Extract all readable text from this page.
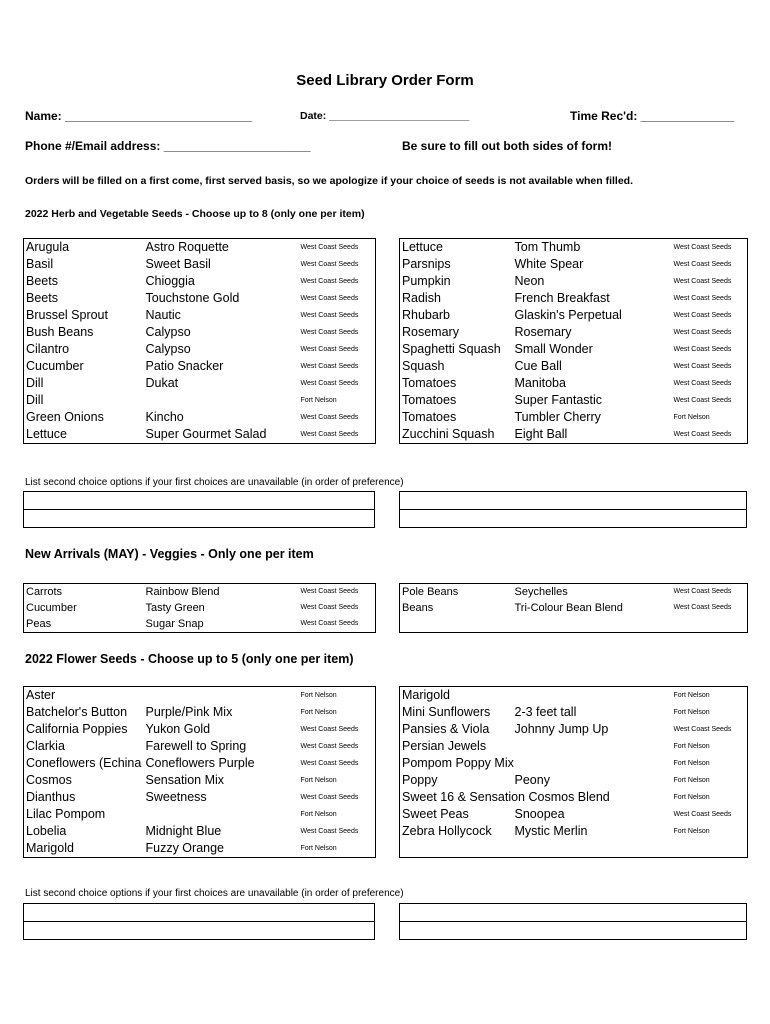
Seed Library Order Form
Name: ____________________________	Date: ________________________	Time Rec'd: ______________
Phone #/Email address: ______________________	Be sure to fill out both sides of form!
Orders will be filled on a first come, first served basis, so we apologize if your choice of seeds is not available when filled.
2022 Herb and Vegetable Seeds - Choose up to 8 (only one per item)
Arugula	Astro Roquette	West Coast Seeds
Basil	Sweet Basil	West Coast Seeds
Beets	Chioggia	West Coast Seeds
Beets	Touchstone Gold	West Coast Seeds
Brussel Sprout	Nautic	West Coast Seeds
Bush Beans	Calypso	West Coast Seeds
Cilantro	Calypso	West Coast Seeds
Cucumber	Patio Snacker	West Coast Seeds
Dill	Dukat	West Coast Seeds
Dill		Fort Nelson
Green Onions	Kincho	West Coast Seeds
Lettuce	Super Gourmet Salad	West Coast Seeds
Lettuce	Tom Thumb	West Coast Seeds
Parsnips	White Spear	West Coast Seeds
Pumpkin	Neon	West Coast Seeds
Radish	French Breakfast	West Coast Seeds
Rhubarb	Glaskin's Perpetual	West Coast Seeds
Rosemary	Rosemary	West Coast Seeds
Spaghetti Squash	Small Wonder	West Coast Seeds
Squash	Cue Ball	West Coast Seeds
Tomatoes	Manitoba	West Coast Seeds
Tomatoes	Super Fantastic	West Coast Seeds
Tomatoes	Tumbler Cherry	Fort Nelson
Zucchini Squash	Eight Ball	West Coast Seeds
List second choice options if your first choices are unavailable (in order of preference)
New Arrivals (MAY) - Veggies - Only one per item
Carrots	Rainbow Blend	West Coast Seeds
Cucumber	Tasty Green	West Coast Seeds
Peas	Sugar Snap	West Coast Seeds
Pole Beans	Seychelles	West Coast Seeds
Beans	Tri-Colour Bean Blend	West Coast Seeds

2022 Flower Seeds - Choose up to 5 (only one per item)
Aster		Fort Nelson
Batchelor's Button	Purple/Pink Mix	Fort Nelson
California Poppies	Yukon Gold	West Coast Seeds
Clarkia	Farewell to Spring	West Coast Seeds
Coneflowers (Echina	Coneflowers Purple	West Coast Seeds
Cosmos	Sensation Mix	Fort Nelson
Dianthus	Sweetness	West Coast Seeds
Lilac Pompom		Fort Nelson
Lobelia	Midnight Blue	West Coast Seeds
Marigold	Fuzzy Orange	Fort Nelson
Marigold		Fort Nelson
Mini Sunflowers	2-3 feet tall	Fort Nelson
Pansies & Viola	Johnny Jump Up	West Coast Seeds
Persian Jewels		Fort Nelson
Pompom Poppy Mix		Fort Nelson
Poppy	Peony	Fort Nelson
Sweet 16 & Sensation Cosmos Blend		Fort Nelson
Sweet Peas	Snoopea	West Coast Seeds
Zebra Hollycock	Mystic Merlin	Fort Nelson

List second choice options if your first choices are unavailable (in order of preference)
